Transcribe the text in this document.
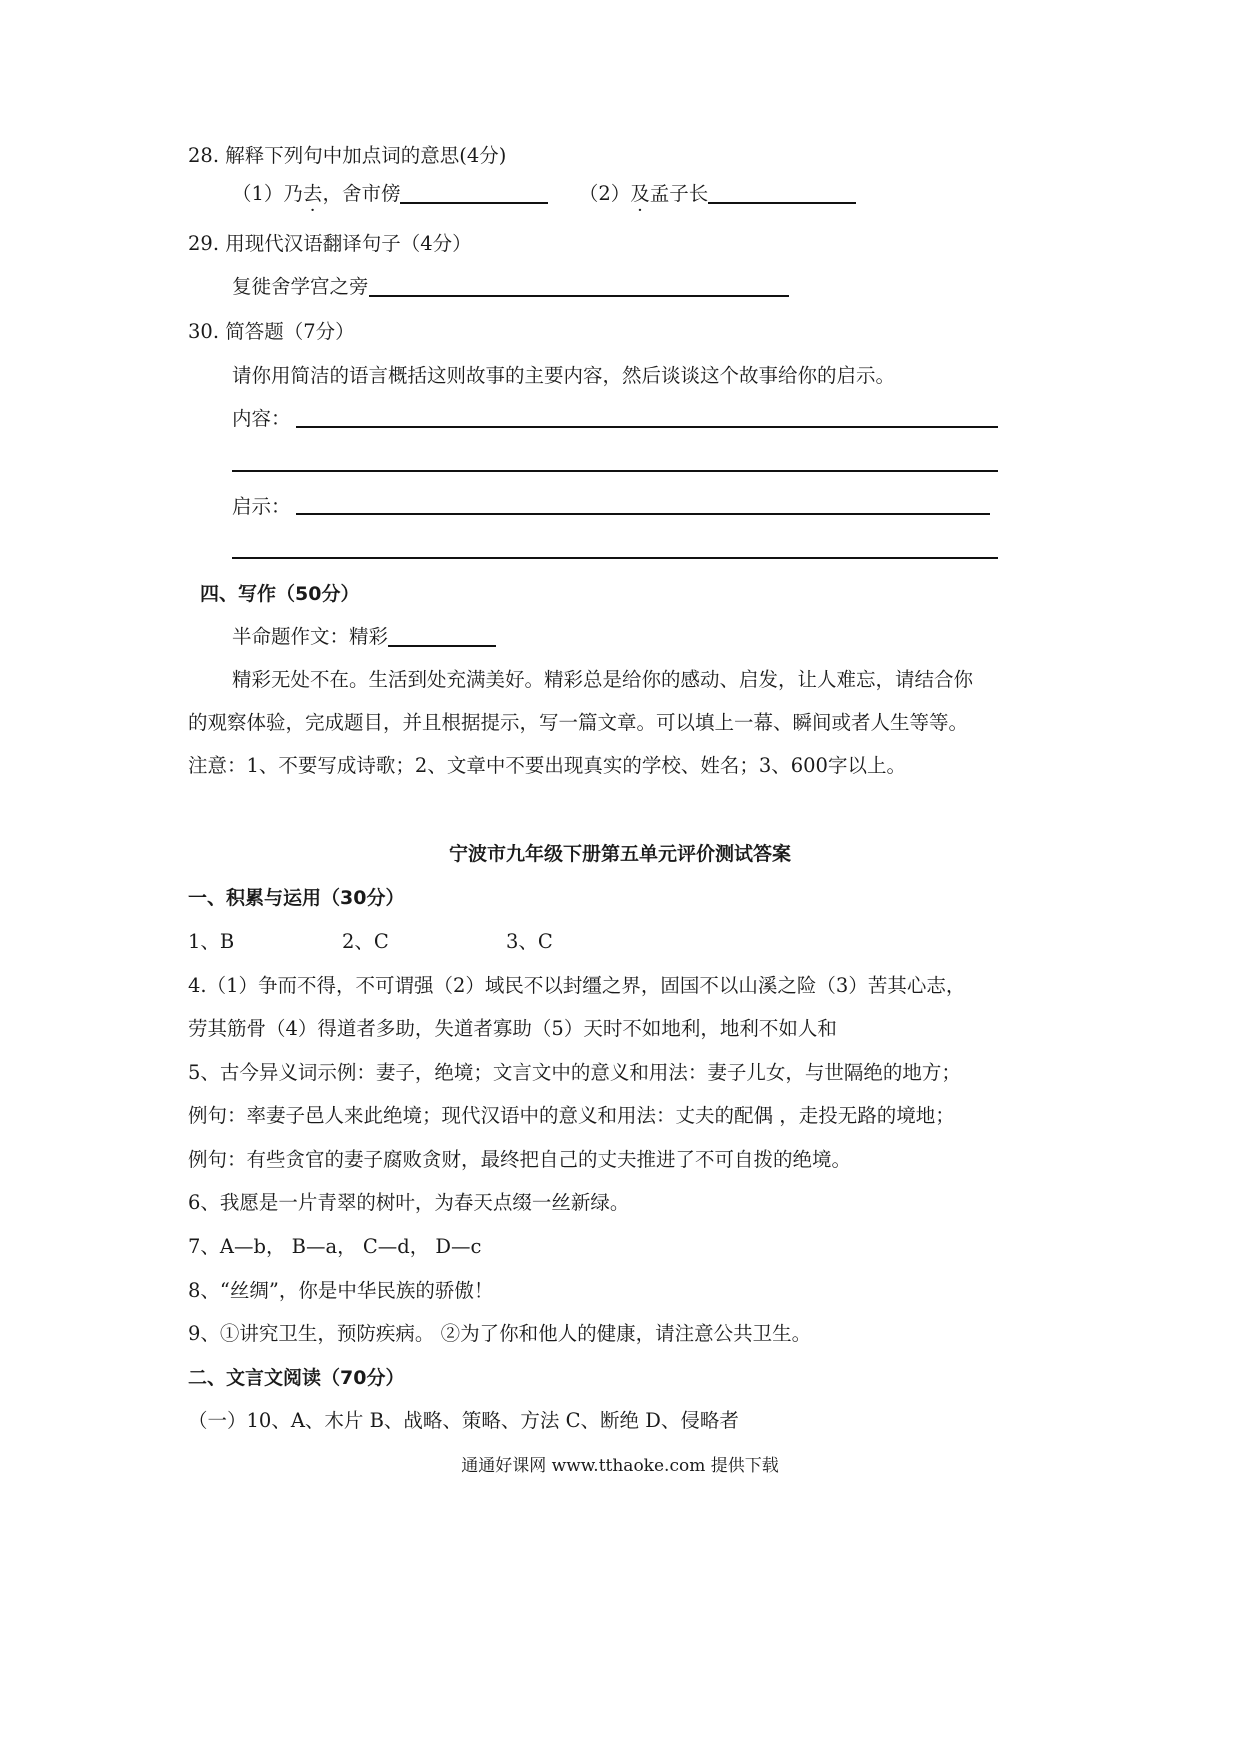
28. 解释下列句中加点词的意思(4分)
（1）乃去，舍市傍	（2）及孟子长
29. 用现代汉语翻译句子（4分）
复徙舍学宫之旁
30. 简答题（7分）
请你用简洁的语言概括这则故事的主要内容，然后谈谈这个故事给你的启示。
内容：
启示：
四、写作（50分）
半命题作文：精彩
精彩无处不在。生活到处充满美好。精彩总是给你的感动、启发，让人难忘，请结合你
的观察体验，完成题目，并且根据提示，写一篇文章。可以填上一幕、瞬间或者人生等等。
注意：1、不要写成诗歌；2、文章中不要出现真实的学校、姓名；3、600字以上。
宁波市九年级下册第五单元评价测试答案
一、积累与运用（30分）
1、B	2、C	3、C
4.（1）争而不得，不可谓强（2）域民不以封缰之界，固国不以山溪之险（3）苦其心志，
劳其筋骨（4）得道者多助，失道者寡助（5）天时不如地利，地利不如人和
5、古今异义词示例：妻子，绝境；文言文中的意义和用法：妻子儿女，与世隔绝的地方；
例句：率妻子邑人来此绝境；现代汉语中的意义和用法：丈夫的配偶 ，走投无路的境地；
例句：有些贪官的妻子腐败贪财，最终把自己的丈夫推进了不可自拨的绝境。
6、我愿是一片青翠的树叶，为春天点缀一丝新绿。
7、A—b， B—a， C—d， D—c
8、“丝绸”，你是中华民族的骄傲！
9、①讲究卫生，预防疾病。 ②为了你和他人的健康，请注意公共卫生。
二、文言文阅读（70分）
（一）10、A、木片 B、战略、策略、方法 C、断绝 D、侵略者
通通好课网 www.tthaoke.com 提供下载
